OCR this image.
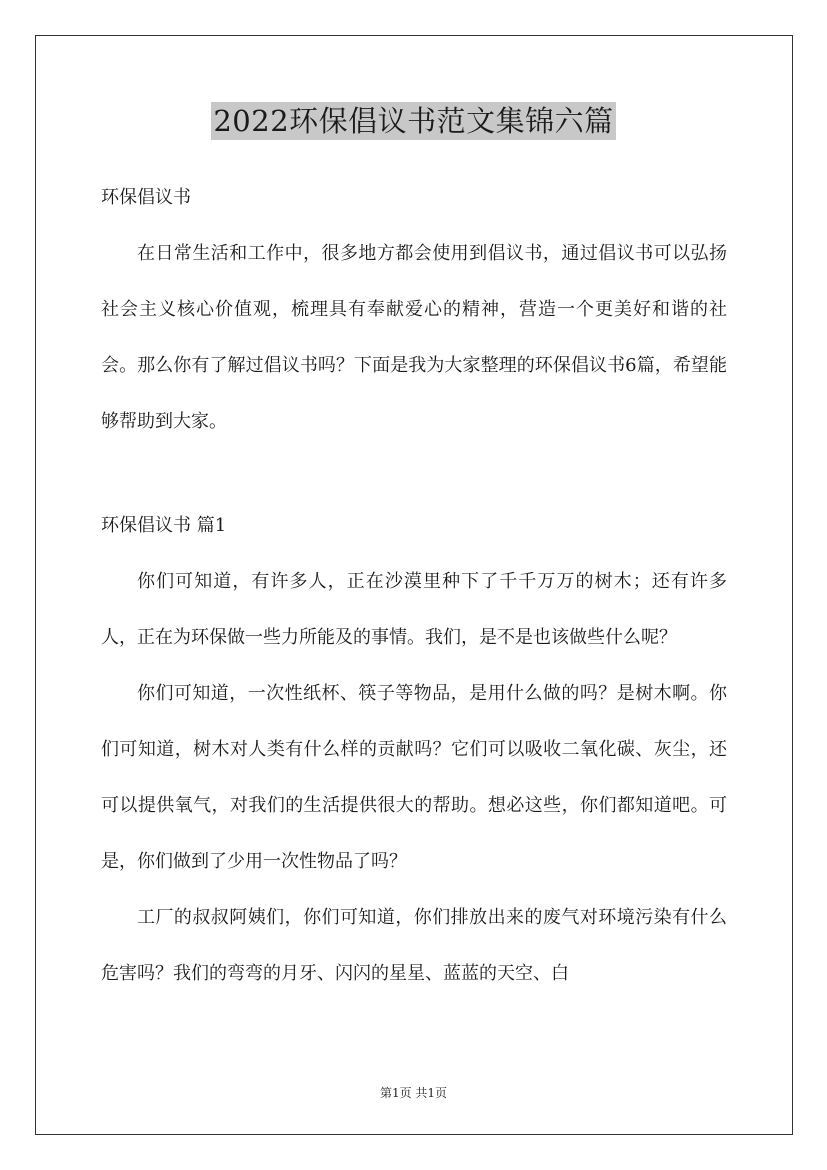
2022环保倡议书范文集锦六篇

环保倡议书

在日常生活和工作中，很多地方都会使用到倡议书，通过倡议书可以弘扬社会主义核心价值观，梳理具有奉献爱心的精神，营造一个更美好和谐的社会。那么你有了解过倡议书吗？下面是我为大家整理的环保倡议书6篇，希望能够帮助到大家。

环保倡议书 篇1

你们可知道，有许多人，正在沙漠里种下了千千万万的树木；还有许多人，正在为环保做一些力所能及的事情。我们，是不是也该做些什么呢？

你们可知道，一次性纸杯、筷子等物品，是用什么做的吗？是树木啊。你们可知道，树木对人类有什么样的贡献吗？它们可以吸收二氧化碳、灰尘，还可以提供氧气，对我们的生活提供很大的帮助。想必这些，你们都知道吧。可是，你们做到了少用一次性物品了吗？

工厂的叔叔阿姨们，你们可知道，你们排放出来的废气对环境污染有什么危害吗？我们的弯弯的月牙、闪闪的星星、蓝蓝的天空、白

第1页 共1页
